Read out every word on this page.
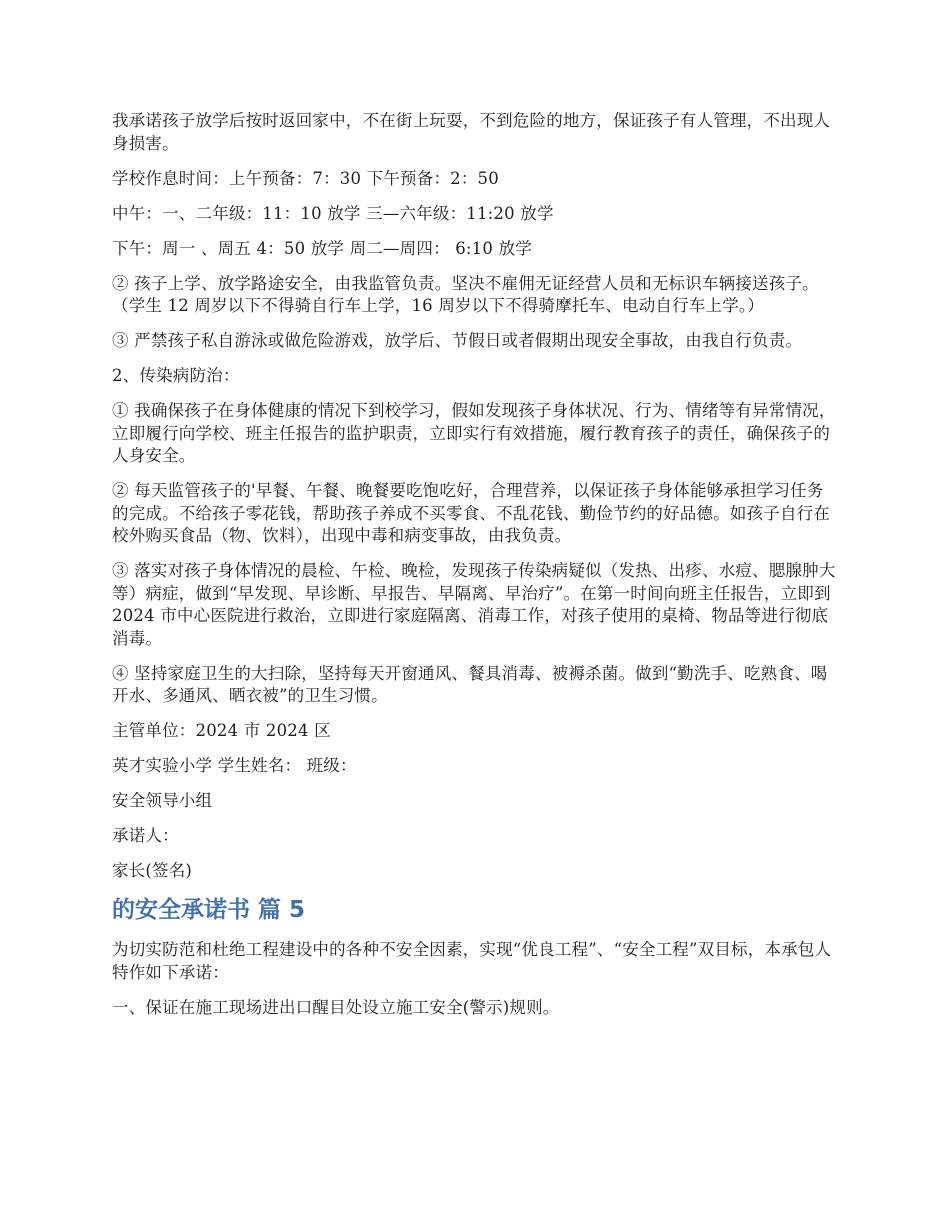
我承诺孩子放学后按时返回家中，不在街上玩耍，不到危险的地方，保证孩子有人管理，不出现人身损害。

学校作息时间：上午预备：7：30 下午预备：2：50

中午：一、二年级：11：10 放学 三—六年级：11:20 放学

下午：周一 、周五 4：50 放学 周二—周四： 6:10 放学

② 孩子上学、放学路途安全，由我监管负责。坚决不雇佣无证经营人员和无标识车辆接送孩子。（学生 12 周岁以下不得骑自行车上学，16 周岁以下不得骑摩托车、电动自行车上学。）

③ 严禁孩子私自游泳或做危险游戏，放学后、节假日或者假期出现安全事故，由我自行负责。

2、传染病防治：

① 我确保孩子在身体健康的情况下到校学习，假如发现孩子身体状况、行为、情绪等有异常情况，立即履行向学校、班主任报告的监护职责，立即实行有效措施，履行教育孩子的责任，确保孩子的人身安全。

② 每天监管孩子的'早餐、午餐、晚餐要吃饱吃好，合理营养，以保证孩子身体能够承担学习任务的完成。不给孩子零花钱，帮助孩子养成不买零食、不乱花钱、勤俭节约的好品德。如孩子自行在校外购买食品（物、饮料），出现中毒和病变事故，由我负责。

③ 落实对孩子身体情况的晨检、午检、晚检，发现孩子传染病疑似（发热、出疹、水痘、腮腺肿大等）病症，做到“早发现、早诊断、早报告、早隔离、早治疗”。在第一时间向班主任报告，立即到 2024 市中心医院进行救治，立即进行家庭隔离、消毒工作，对孩子使用的桌椅、物品等进行彻底消毒。

④ 坚持家庭卫生的大扫除，坚持每天开窗通风、餐具消毒、被褥杀菌。做到“勤洗手、吃熟食、喝开水、多通风、晒衣被”的卫生习惯。

主管单位：2024 市 2024 区

英才实验小学 学生姓名： 班级：

安全领导小组

承诺人：

家长(签名)

的安全承诺书 篇 5

为切实防范和杜绝工程建设中的各种不安全因素，实现“优良工程”、“安全工程”双目标，本承包人特作如下承诺：

一、保证在施工现场进出口醒目处设立施工安全(警示)规则。
